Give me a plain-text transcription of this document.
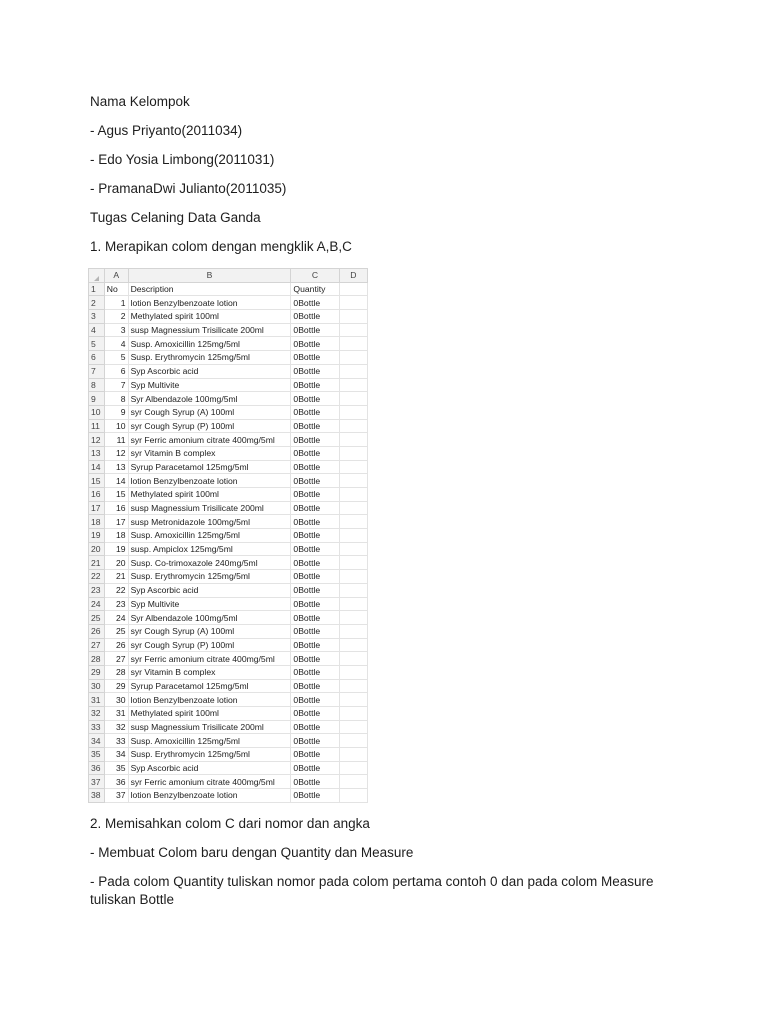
Nama Kelompok
- Agus Priyanto(2011034)
- Edo Yosia Limbong(2011031)
- PramanaDwi Julianto(2011035)
Tugas Celaning Data Ganda
1. Merapikan colom dengan mengklik A,B,C
	A	B	C	D
1	No	Description	Quantity	
2	1	lotion Benzylbenzoate lotion	0Bottle	
3	2	Methylated spirit 100ml	0Bottle	
4	3	susp Magnessium Trisilicate 200ml	0Bottle	
5	4	Susp. Amoxicillin 125mg/5ml	0Bottle	
6	5	Susp. Erythromycin 125mg/5ml	0Bottle	
7	6	Syp Ascorbic acid	0Bottle	
8	7	Syp Multivite	0Bottle	
9	8	Syr Albendazole 100mg/5ml	0Bottle	
10	9	syr Cough Syrup (A) 100ml	0Bottle	
11	10	syr Cough Syrup (P) 100ml	0Bottle	
12	11	syr Ferric amonium citrate 400mg/5ml	0Bottle	
13	12	syr Vitamin B complex	0Bottle	
14	13	Syrup Paracetamol 125mg/5ml	0Bottle	
15	14	lotion Benzylbenzoate lotion	0Bottle	
16	15	Methylated spirit 100ml	0Bottle	
17	16	susp Magnessium Trisilicate 200ml	0Bottle	
18	17	susp Metronidazole 100mg/5ml	0Bottle	
19	18	Susp. Amoxicillin 125mg/5ml	0Bottle	
20	19	susp. Ampiclox 125mg/5ml	0Bottle	
21	20	Susp. Co-trimoxazole 240mg/5ml	0Bottle	
22	21	Susp. Erythromycin 125mg/5ml	0Bottle	
23	22	Syp Ascorbic acid	0Bottle	
24	23	Syp Multivite	0Bottle	
25	24	Syr Albendazole 100mg/5ml	0Bottle	
26	25	syr Cough Syrup (A) 100ml	0Bottle	
27	26	syr Cough Syrup (P) 100ml	0Bottle	
28	27	syr Ferric amonium citrate 400mg/5ml	0Bottle	
29	28	syr Vitamin B complex	0Bottle	
30	29	Syrup Paracetamol 125mg/5ml	0Bottle	
31	30	lotion Benzylbenzoate lotion	0Bottle	
32	31	Methylated spirit 100ml	0Bottle	
33	32	susp Magnessium Trisilicate 200ml	0Bottle	
34	33	Susp. Amoxicillin 125mg/5ml	0Bottle	
35	34	Susp. Erythromycin 125mg/5ml	0Bottle	
36	35	Syp Ascorbic acid	0Bottle	
37	36	syr Ferric amonium citrate 400mg/5ml	0Bottle	
38	37	lotion Benzylbenzoate lotion	0Bottle	
2. Memisahkan colom C dari nomor dan angka
- Membuat Colom baru dengan Quantity dan Measure
- Pada colom Quantity tuliskan nomor pada colom pertama contoh 0 dan pada colom Measure tuliskan Bottle
